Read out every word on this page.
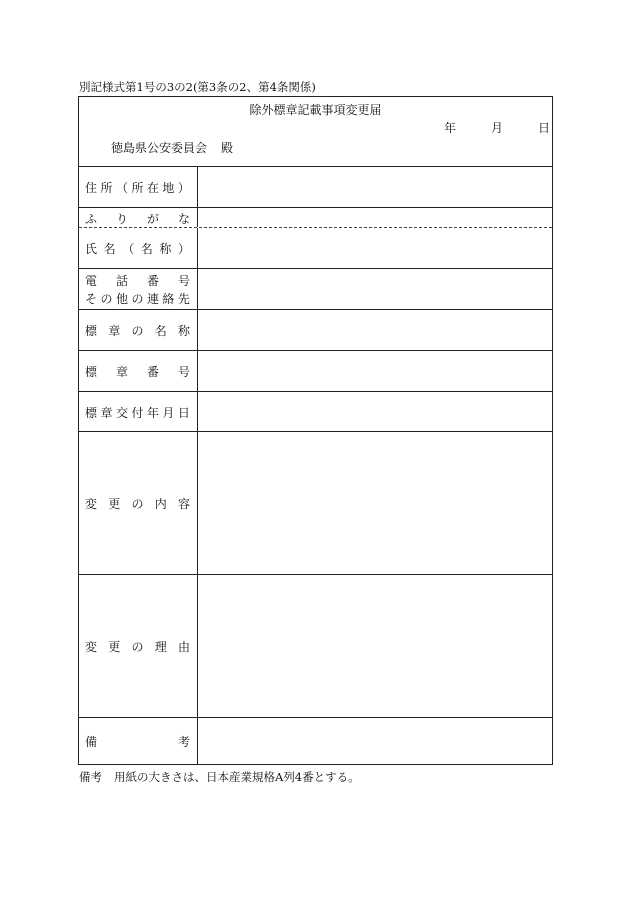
別記様式第1号の3の2(第3条の2、第4条関係)
除外標章記載事項変更届
年	月	日
徳島県公安委員会 殿
住 所 （ 所 在 地 ）
ふ り が な
氏 名 （ 名 称 ）
電 話 番 号
そ の 他 の 連 絡 先
標 章 の 名 称
標 章 番 号
標 章 交 付 年 月 日
変 更 の 内 容
変 更 の 理 由
備	考
備考 用紙の大きさは、日本産業規格A列4番とする。
